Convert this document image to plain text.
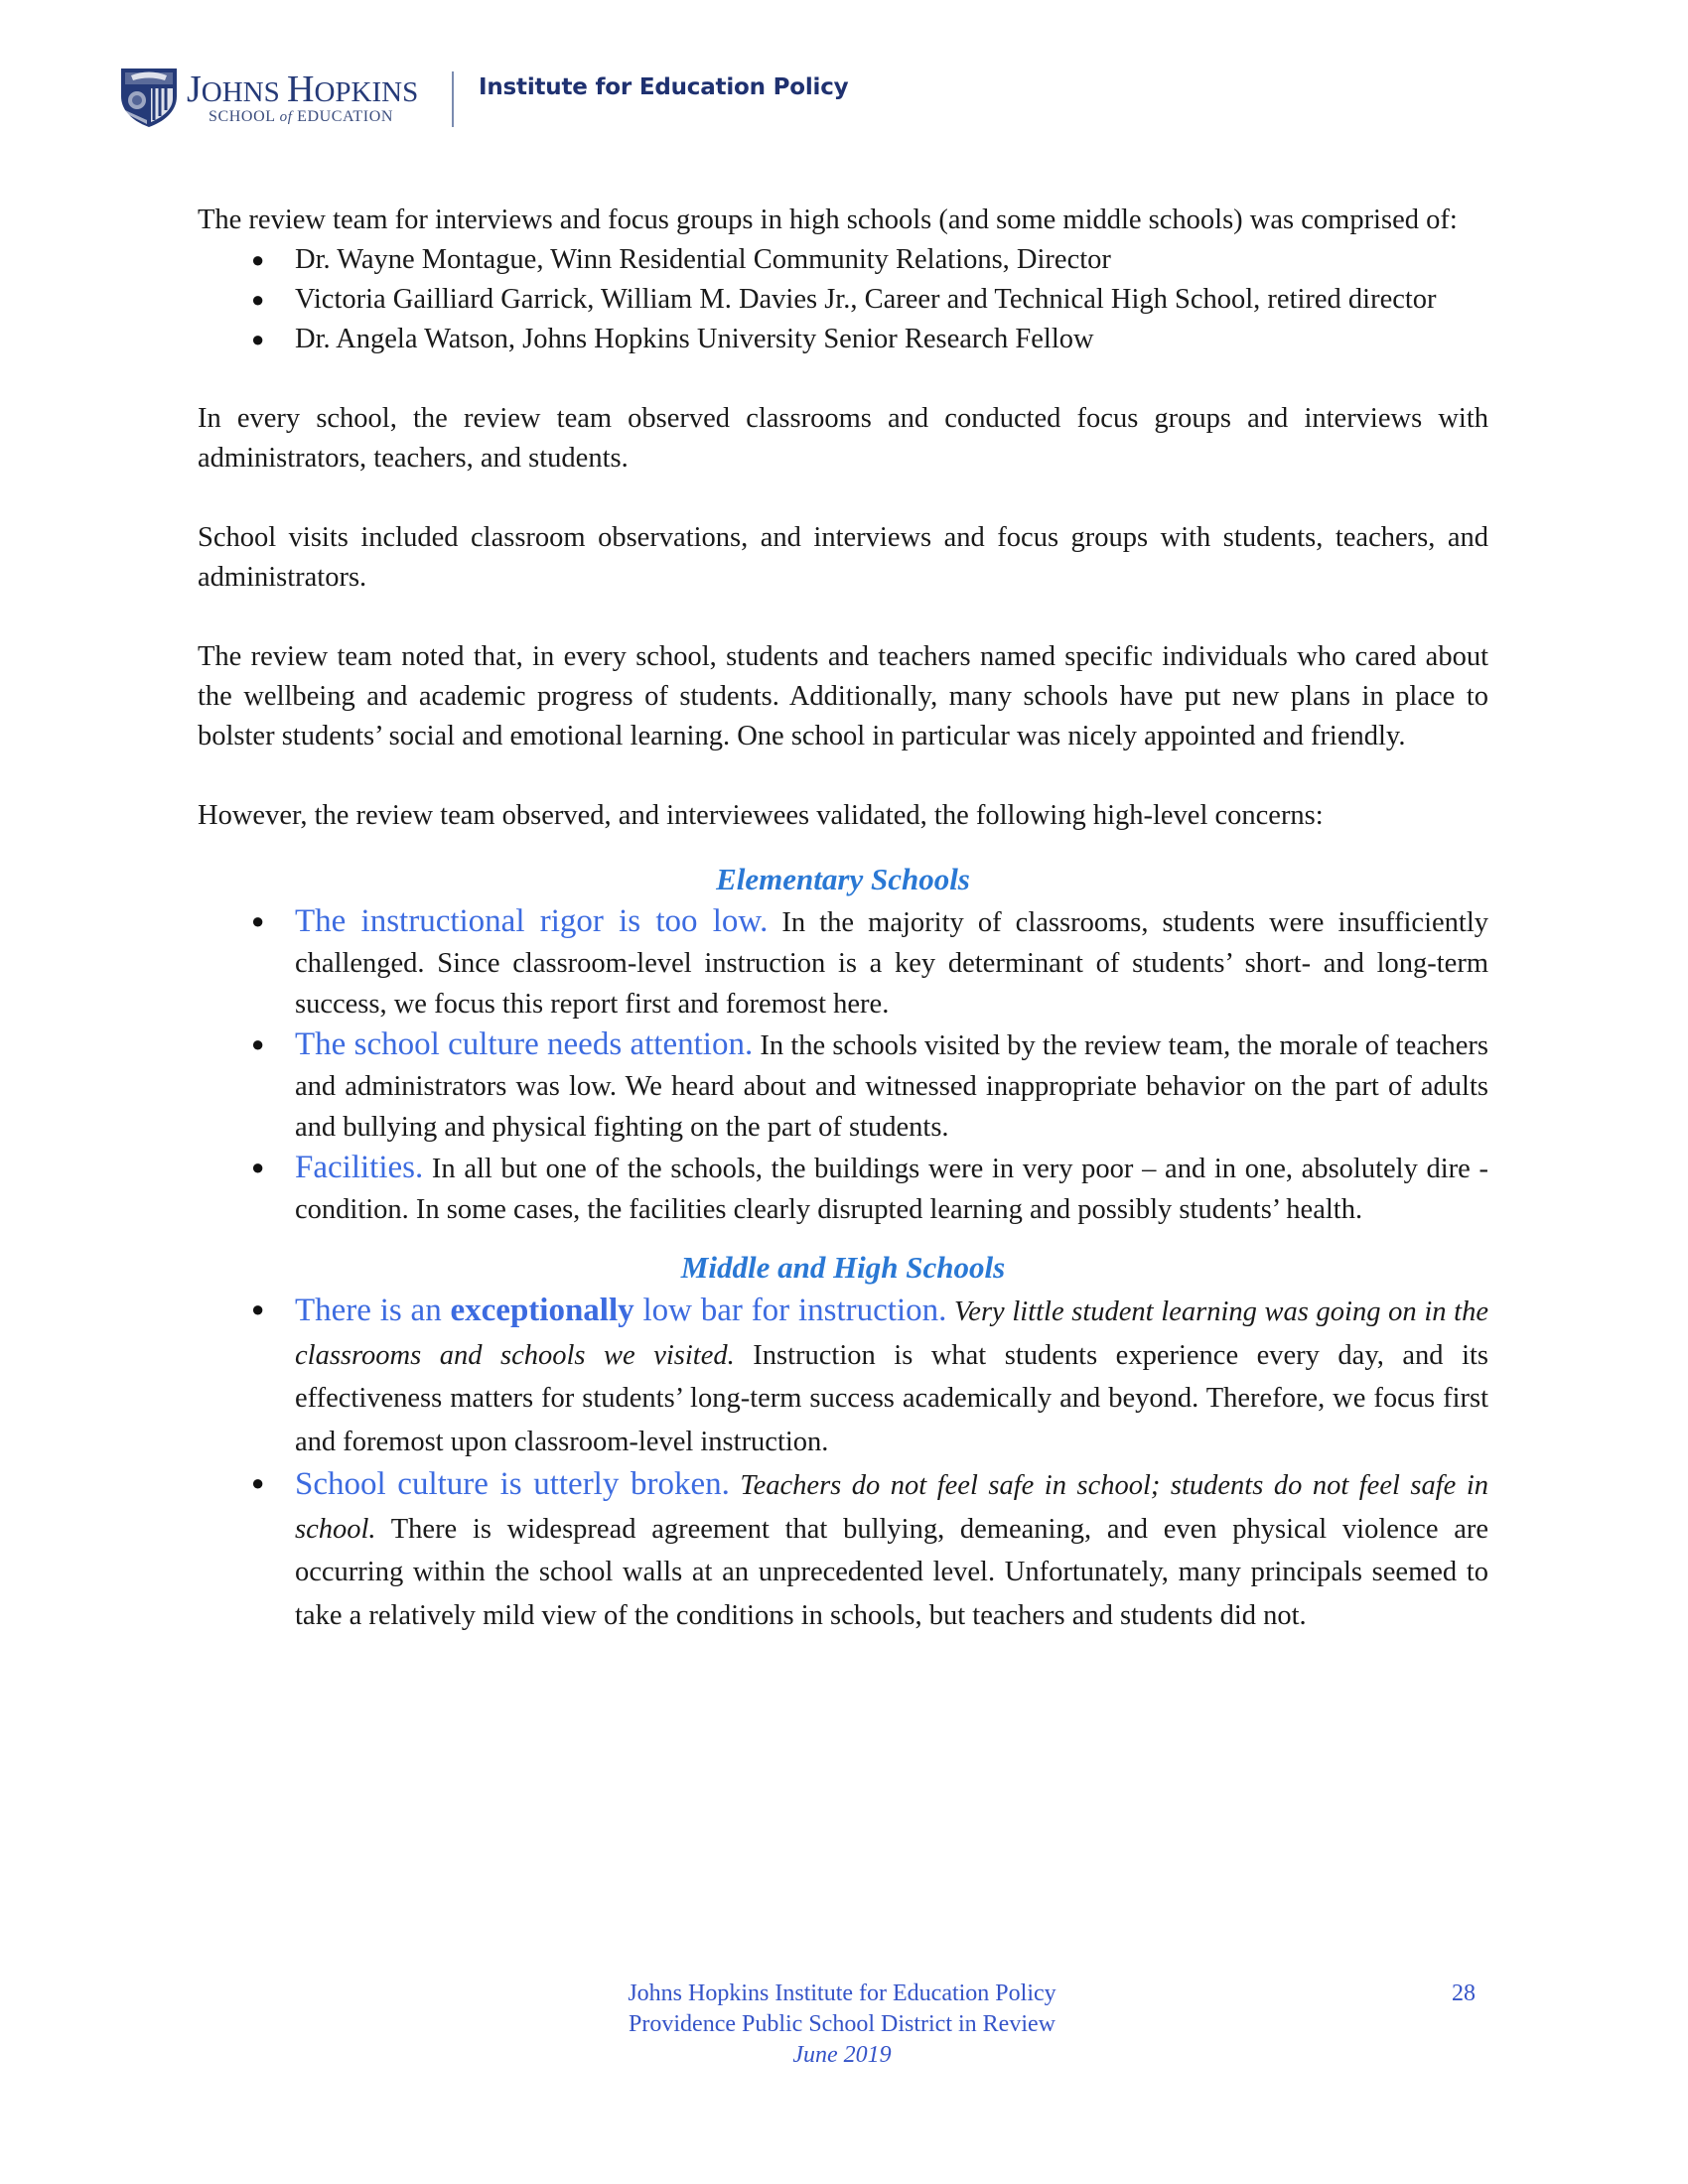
JOHNS HOPKINS
SCHOOL of EDUCATION
Institute for Education Policy

The review team for interviews and focus groups in high schools (and some middle schools) was comprised of:

● Dr. Wayne Montague, Winn Residential Community Relations, Director
● Victoria Gailliard Garrick, William M. Davies Jr., Career and Technical High School, retired director
● Dr. Angela Watson, Johns Hopkins University Senior Research Fellow

In every school, the review team observed classrooms and conducted focus groups and interviews with administrators, teachers, and students.

School visits included classroom observations, and interviews and focus groups with students, teachers, and administrators.

The review team noted that, in every school, students and teachers named specific individuals who cared about the wellbeing and academic progress of students. Additionally, many schools have put new plans in place to bolster students’ social and emotional learning. One school in particular was nicely appointed and friendly.

However, the review team observed, and interviewees validated, the following high-level concerns:

Elementary Schools
● The instructional rigor is too low. In the majority of classrooms, students were insufficiently challenged. Since classroom-level instruction is a key determinant of students’ short- and long-term success, we focus this report first and foremost here.
● The school culture needs attention. In the schools visited by the review team, the morale of teachers and administrators was low. We heard about and witnessed inappropriate behavior on the part of adults and bullying and physical fighting on the part of students.
● Facilities. In all but one of the schools, the buildings were in very poor – and in one, absolutely dire - condition. In some cases, the facilities clearly disrupted learning and possibly students’ health.
Middle and High Schools
● There is an exceptionally low bar for instruction. Very little student learning was going on in the classrooms and schools we visited. Instruction is what students experience every day, and its effectiveness matters for students’ long-term success academically and beyond. Therefore, we focus first and foremost upon classroom-level instruction.
● School culture is utterly broken. Teachers do not feel safe in school; students do not feel safe in school. There is widespread agreement that bullying, demeaning, and even physical violence are occurring within the school walls at an unprecedented level. Unfortunately, many principals seemed to take a relatively mild view of the conditions in schools, but teachers and students did not.
Johns Hopkins Institute for Education Policy
Providence Public School District in Review
June 2019
28
